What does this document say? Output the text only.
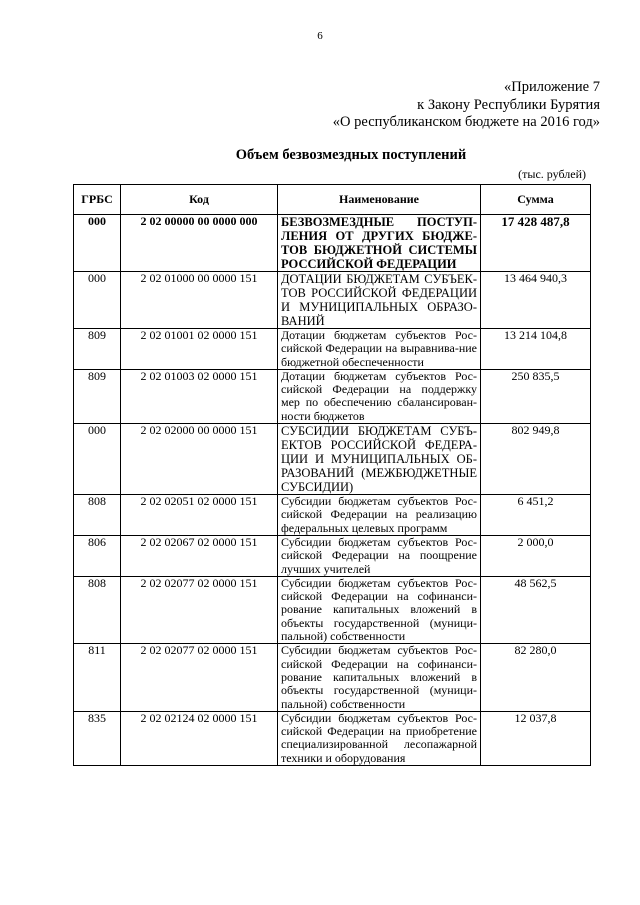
6
«Приложение 7
к Закону Республики Бурятия
«О республиканском бюджете на 2016 год»
Объем безвозмездных поступлений
(тыс. рублей)
ГРБС	Код	Наименование	Сумма
000	2 02 00000 00 0000 000	БЕЗВОЗМЕЗДНЫЕ ПОСТУП-ЛЕНИЯ ОТ ДРУГИХ БЮДЖЕ-ТОВ БЮДЖЕТНОЙ СИСТЕМЫ РОССИЙСКОЙ ФЕДЕРАЦИИ	17 428 487,8
000	2 02 01000 00 0000 151	ДОТАЦИИ БЮДЖЕТАМ СУБЪЕК-ТОВ РОССИЙСКОЙ ФЕДЕРАЦИИ И МУНИЦИПАЛЬНЫХ ОБРАЗО-ВАНИЙ	13 464 940,3
809	2 02 01001 02 0000 151	Дотации бюджетам субъектов Рос-сийской Федерации на выравнива-ние бюджетной обеспеченности	13 214 104,8
809	2 02 01003 02 0000 151	Дотации бюджетам субъектов Рос-сийской Федерации на поддержку мер по обеспечению сбалансирован-ности бюджетов	250 835,5
000	2 02 02000 00 0000 151	СУБСИДИИ БЮДЖЕТАМ СУБЪ-ЕКТОВ РОССИЙСКОЙ ФЕДЕРА-ЦИИ И МУНИЦИПАЛЬНЫХ ОБ-РАЗОВАНИЙ (МЕЖБЮДЖЕТНЫЕ СУБСИДИИ)	802 949,8
808	2 02 02051 02 0000 151	Субсидии бюджетам субъектов Рос-сийской Федерации на реализацию федеральных целевых программ	6 451,2
806	2 02 02067 02 0000 151	Субсидии бюджетам субъектов Рос-сийской Федерации на поощрение лучших учителей	2 000,0
808	2 02 02077 02 0000 151	Субсидии бюджетам субъектов Рос-сийской Федерации на софинанси-рование капитальных вложений в объекты государственной (муници-пальной) собственности	48 562,5
811	2 02 02077 02 0000 151	Субсидии бюджетам субъектов Рос-сийской Федерации на софинанси-рование капитальных вложений в объекты государственной (муници-пальной) собственности	82 280,0
835	2 02 02124 02 0000 151	Субсидии бюджетам субъектов Рос-сийской Федерации на приобретение специализированной лесопажарной техники и оборудования	12 037,8
